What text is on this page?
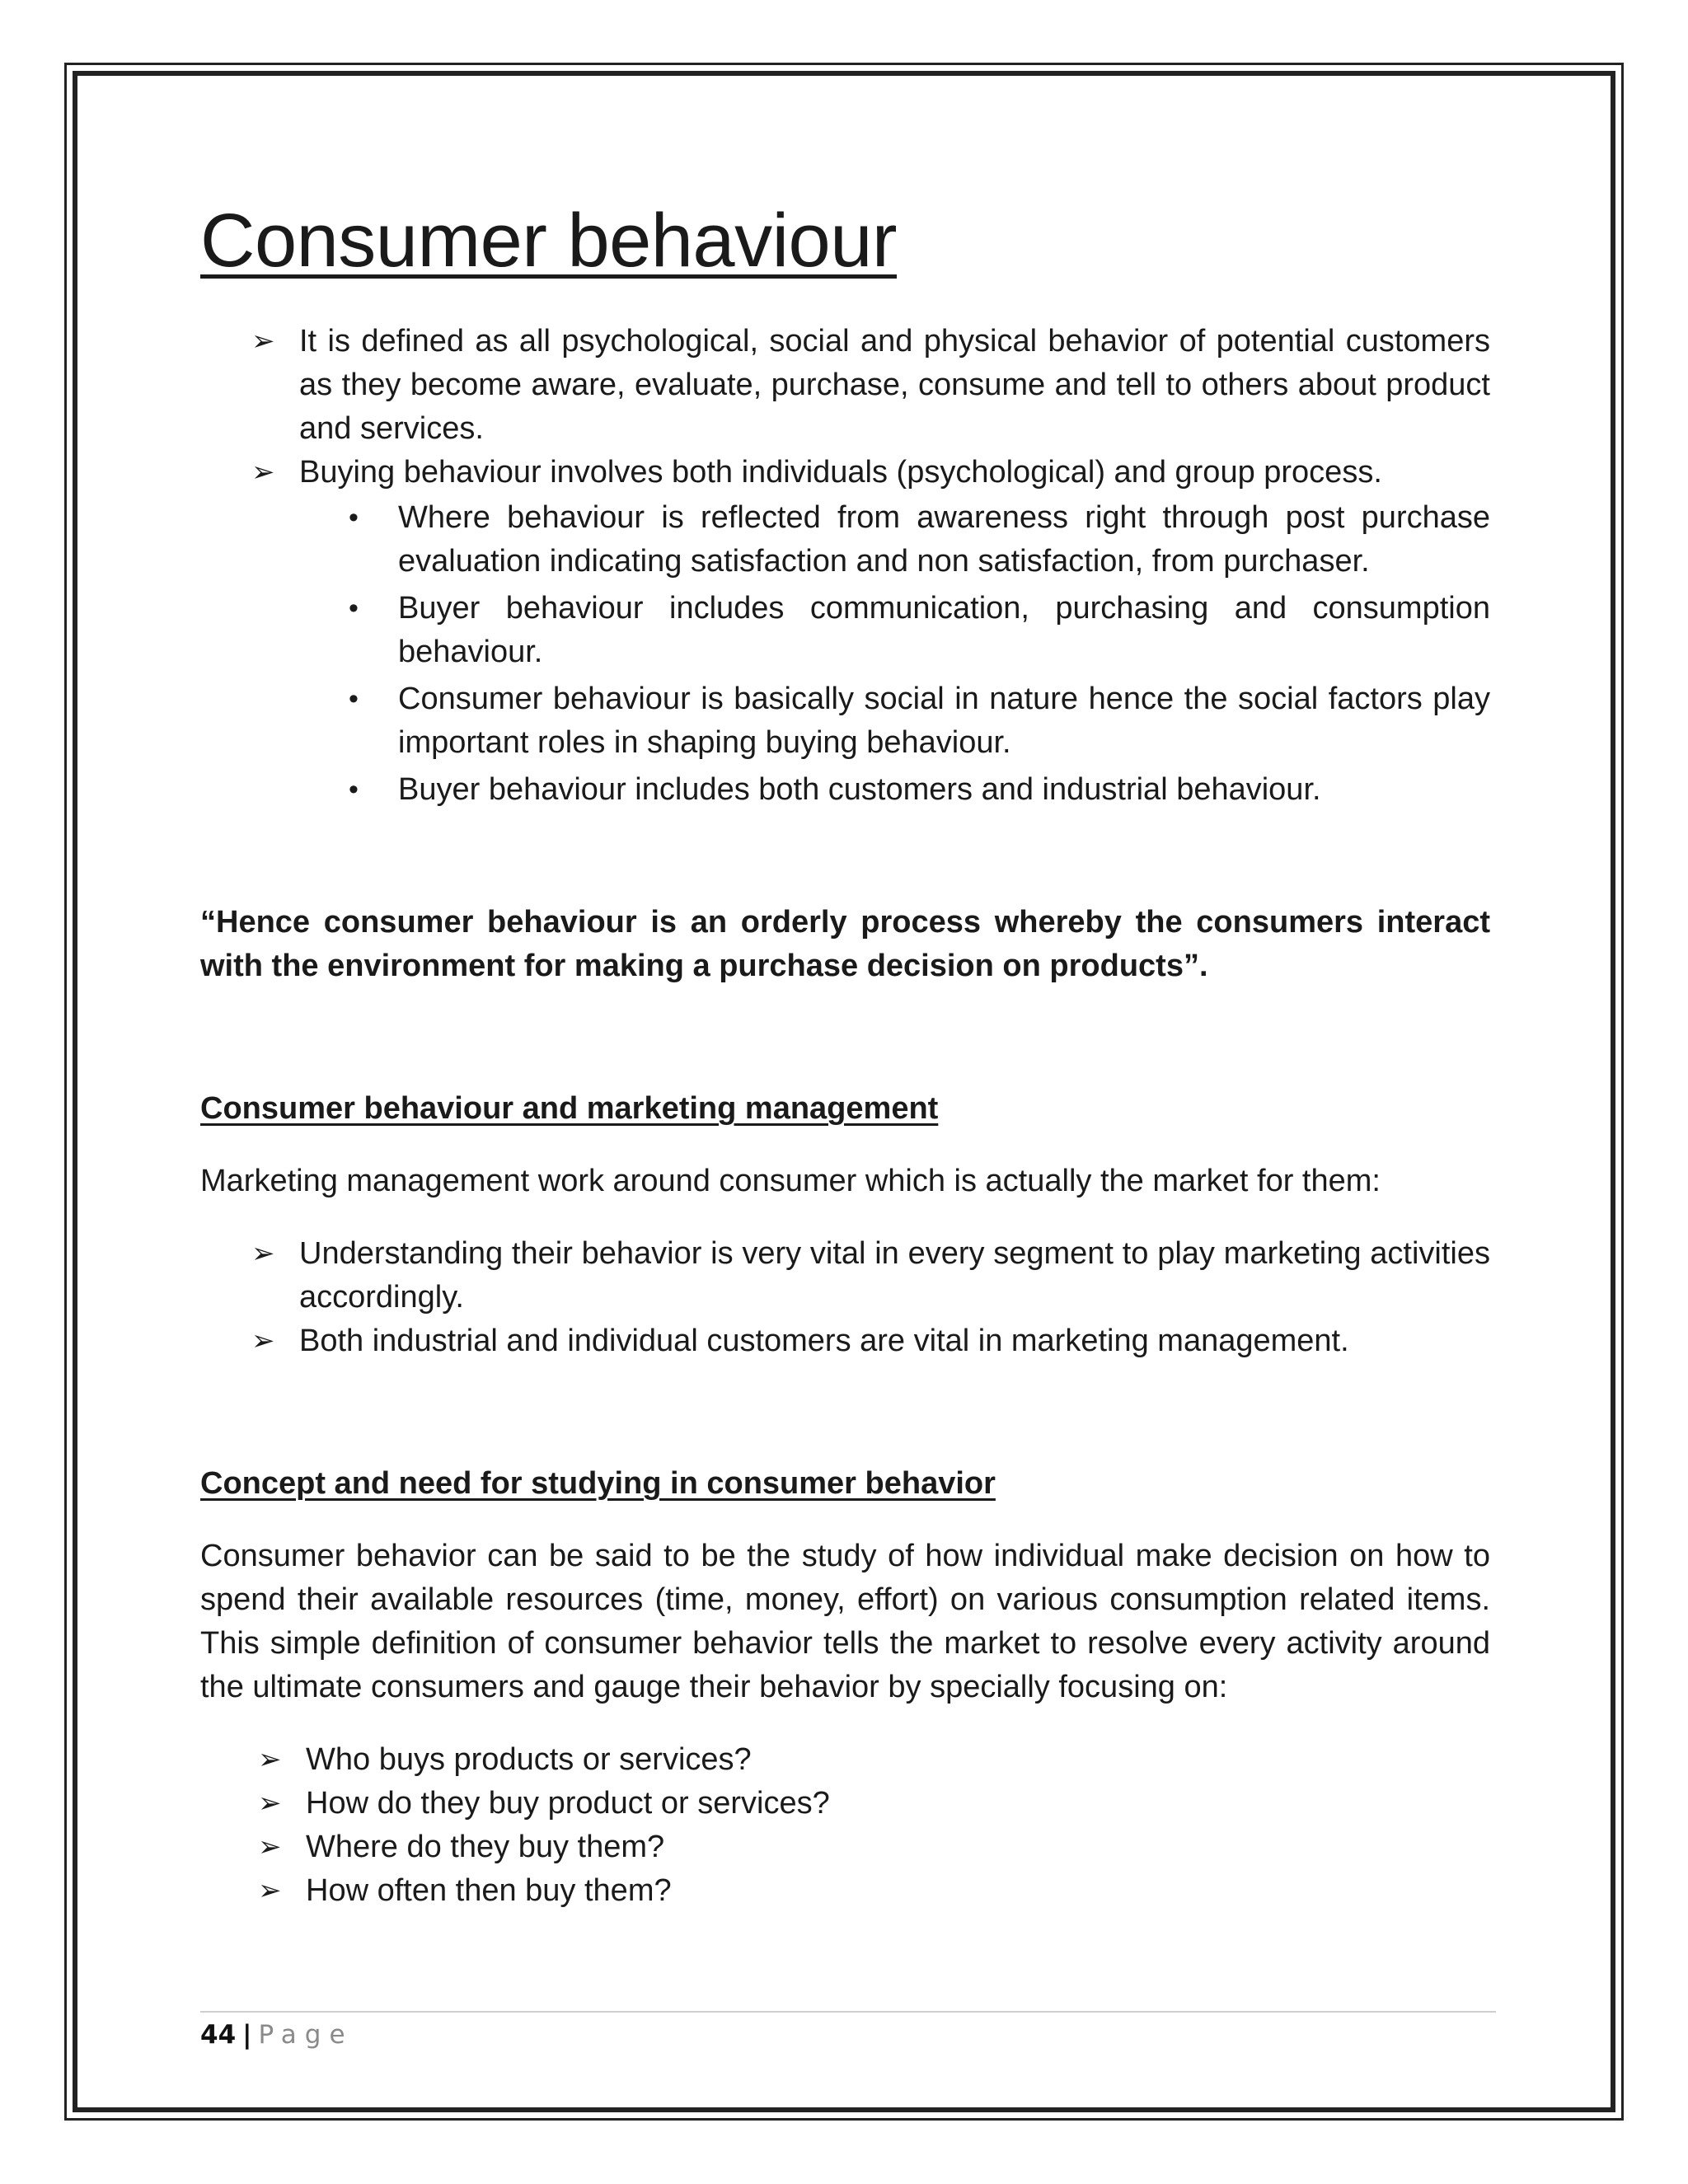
Consumer behaviour
➢ It is defined as all psychological, social and physical behavior of potential customers as they become aware, evaluate, purchase, consume and tell to others about product and services.
➢ Buying behaviour involves both individuals (psychological) and group process.
• Where behaviour is reflected from awareness right through post purchase evaluation indicating satisfaction and non satisfaction, from purchaser.
• Buyer behaviour includes communication, purchasing and consumption behaviour.
• Consumer behaviour is basically social in nature hence the social factors play important roles in shaping buying behaviour.
• Buyer behaviour includes both customers and industrial behaviour.

“Hence consumer behaviour is an orderly process whereby the consumers interact with the environment for making a purchase decision on products”.

Consumer behaviour and marketing management

Marketing management work around consumer which is actually the market for them:

➢ Understanding their behavior is very vital in every segment to play marketing activities accordingly.
➢ Both industrial and individual customers are vital in marketing management.
Concept and need for studying in consumer behavior

Consumer behavior can be said to be the study of how individual make decision on how to spend their available resources (time, money, effort) on various consumption related items. This simple definition of consumer behavior tells the market to resolve every activity around the ultimate consumers and gauge their behavior by specially focusing on:

➢ Who buys products or services?
➢ How do they buy product or services?
➢ Where do they buy them?
➢ How often then buy them?
44 | Page
